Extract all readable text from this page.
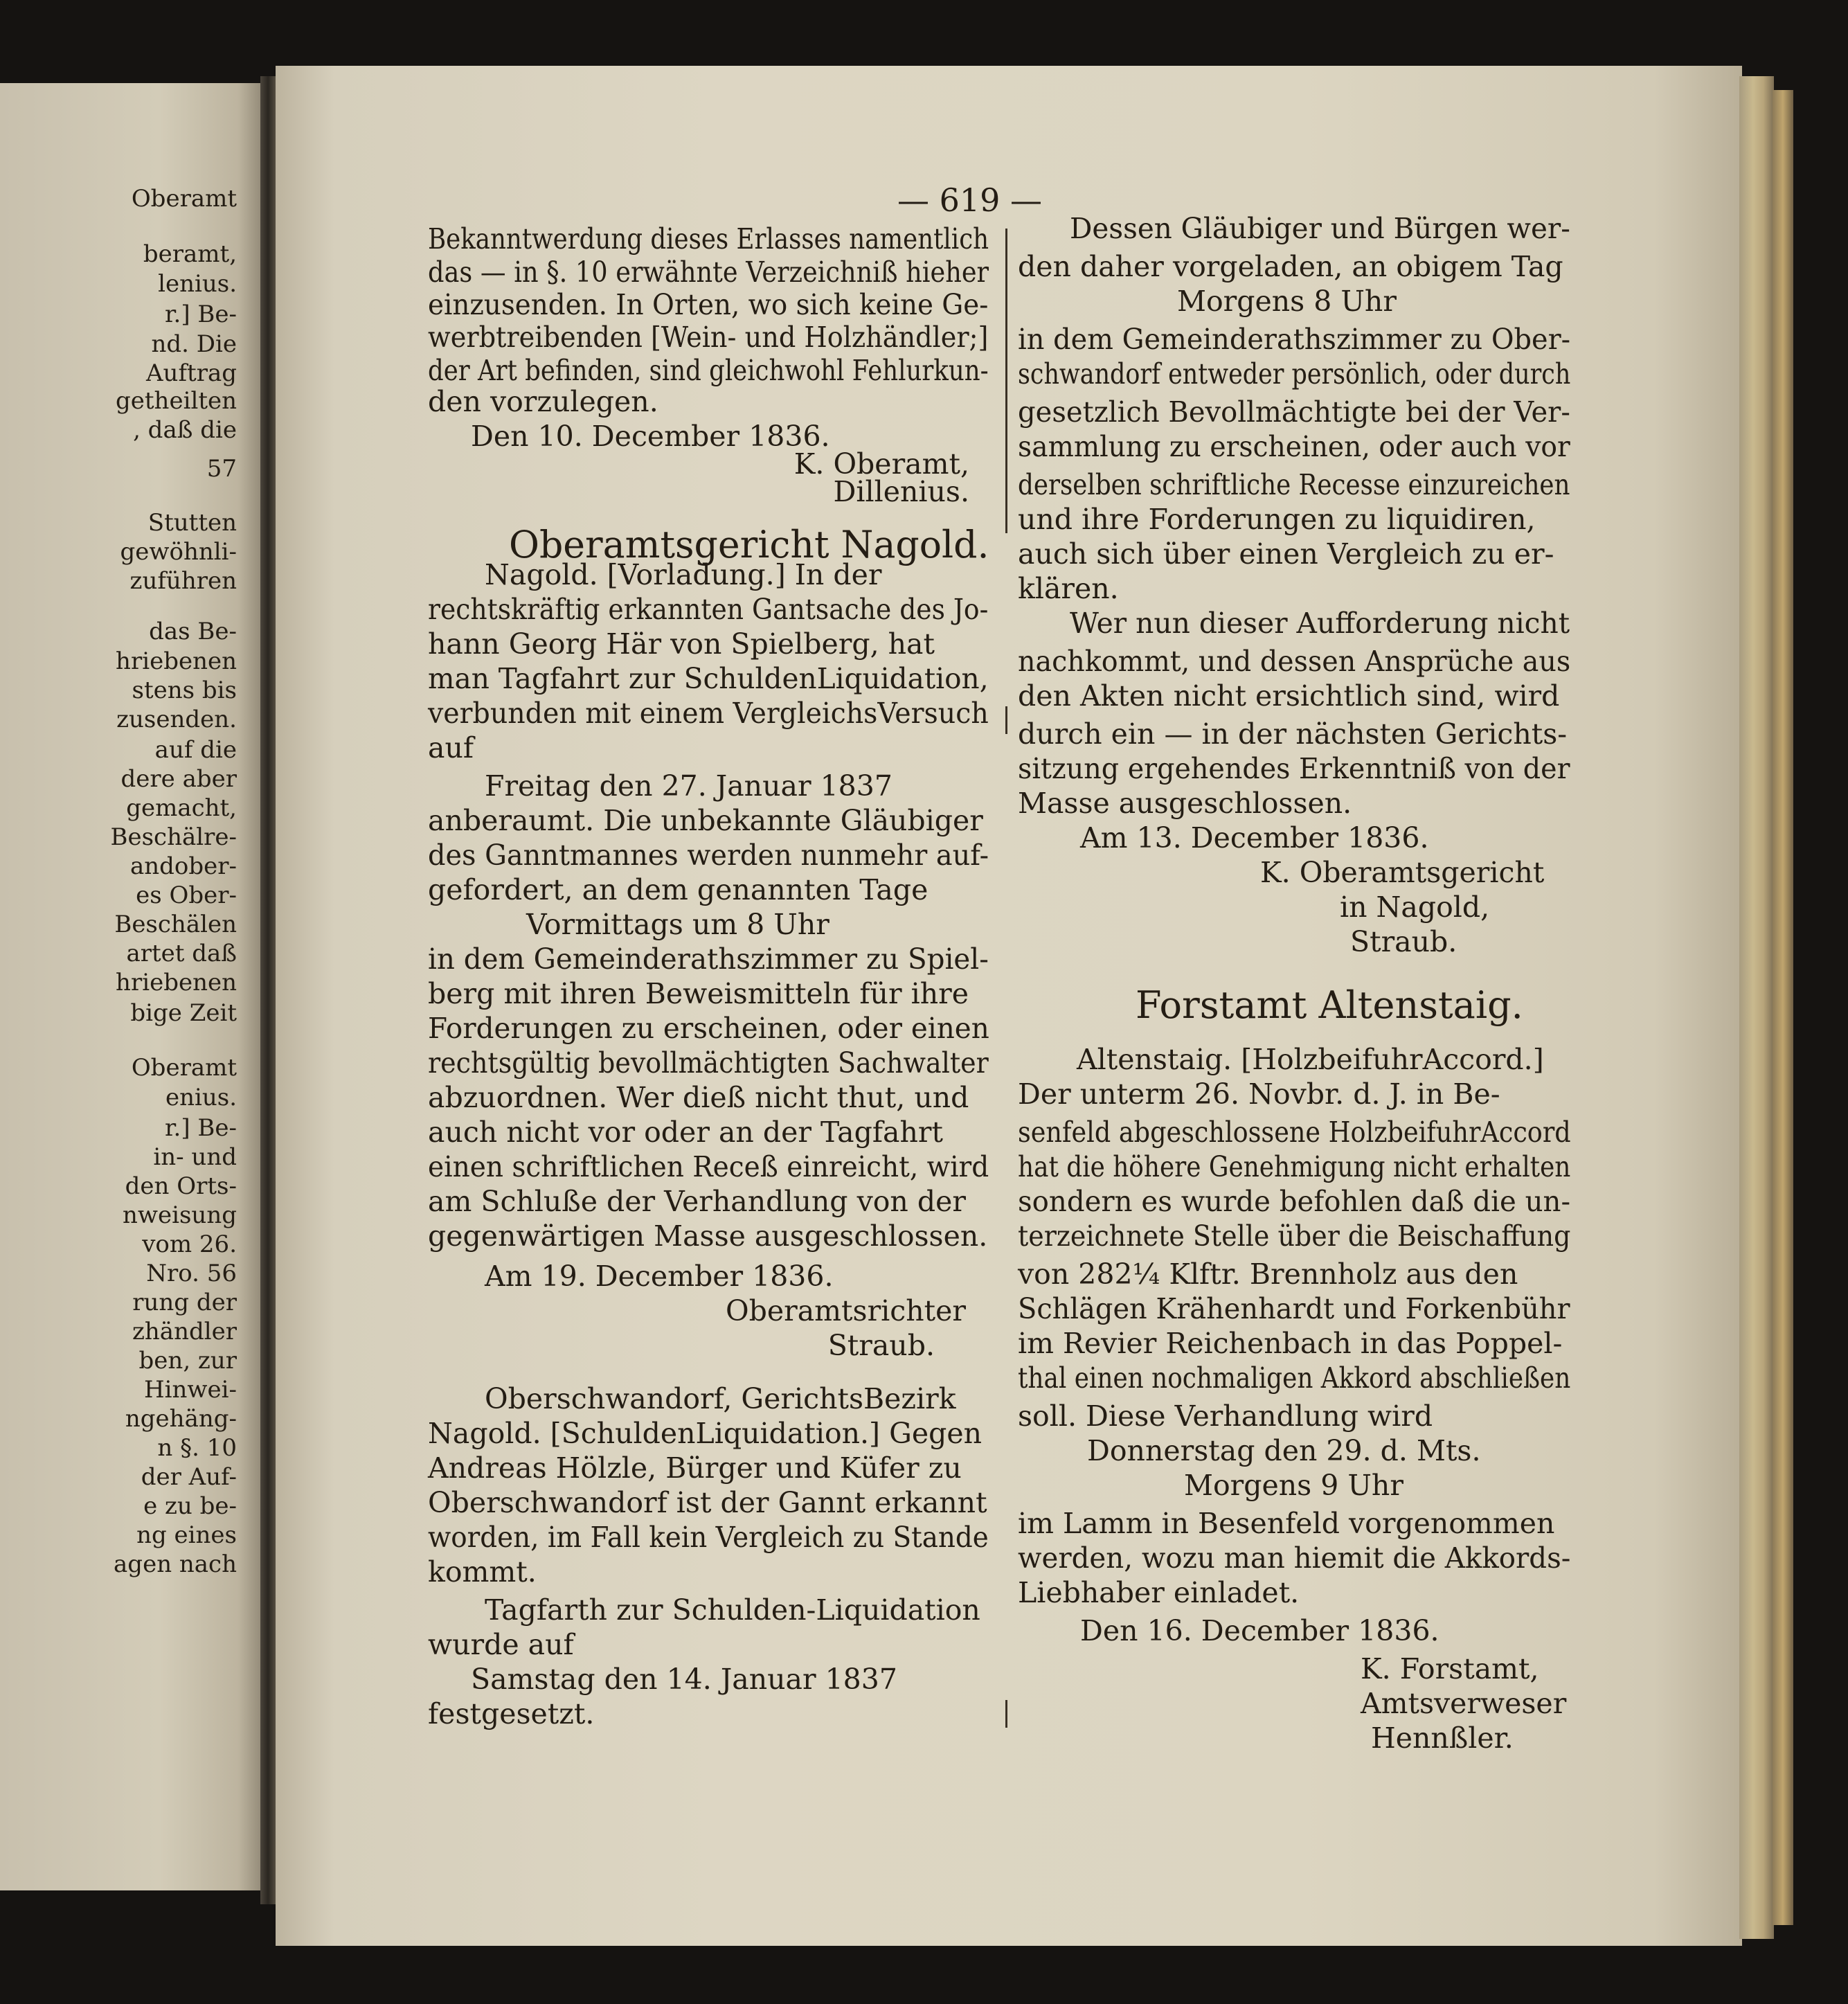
Oberamt
beramt,
lenius.
r.] Be-
nd. Die
Auftrag
getheilten
, daß die
57
Stutten
gewöhnli-
zuführen
das Be-
hriebenen
stens bis
zusenden.
auf die
dere aber
gemacht,
Beschälre-
andober-
es Ober-
Beschälen
artet daß
hriebenen
bige Zeit
Oberamt
enius.
r.] Be-
in- und
den Orts-
nweisung
vom 26.
Nro. 56
rung der
zhändler
ben, zur
Hinwei-
ngehäng-
n §. 10
der Auf-
e zu be-
ng eines
agen nach
— 619 —
Bekanntwerdung dieses Erlasses namentlich
das — in §. 10 erwähnte Verzeichniß hieher
einzusenden. In Orten, wo sich keine Ge-
werbtreibenden [Wein- und Holzhändler;]
der Art befinden, sind gleichwohl Fehlurkun-
den vorzulegen.
Den 10. December 1836.
K. Oberamt,
Dillenius.
Oberamtsgericht Nagold.
Nagold. [Vorladung.] In der
rechtskräftig erkannten Gantsache des Jo-
hann Georg Här von Spielberg, hat
man Tagfahrt zur SchuldenLiquidation,
verbunden mit einem VergleichsVersuch
auf
Freitag den 27. Januar 1837
anberaumt. Die unbekannte Gläubiger
des Ganntmannes werden nunmehr auf-
gefordert, an dem genannten Tage
Vormittags um 8 Uhr
in dem Gemeinderathszimmer zu Spiel-
berg mit ihren Beweismitteln für ihre
Forderungen zu erscheinen, oder einen
rechtsgültig bevollmächtigten Sachwalter
abzuordnen. Wer dieß nicht thut, und
auch nicht vor oder an der Tagfahrt
einen schriftlichen Receß einreicht, wird
am Schluße der Verhandlung von der
gegenwärtigen Masse ausgeschlossen.
Am 19. December 1836.
Oberamtsrichter
Straub.
Oberschwandorf, GerichtsBezirk
Nagold. [SchuldenLiquidation.] Gegen
Andreas Hölzle, Bürger und Küfer zu
Oberschwandorf ist der Gannt erkannt
worden, im Fall kein Vergleich zu Stande
kommt.
Tagfarth zur Schulden-Liquidation
wurde auf
Samstag den 14. Januar 1837
festgesetzt.
Dessen Gläubiger und Bürgen wer-
den daher vorgeladen, an obigem Tag
Morgens 8 Uhr
in dem Gemeinderathszimmer zu Ober-
schwandorf entweder persönlich, oder durch
gesetzlich Bevollmächtigte bei der Ver-
sammlung zu erscheinen, oder auch vor
derselben schriftliche Recesse einzureichen
und ihre Forderungen zu liquidiren,
auch sich über einen Vergleich zu er-
klären.
Wer nun dieser Aufforderung nicht
nachkommt, und dessen Ansprüche aus
den Akten nicht ersichtlich sind, wird
durch ein — in der nächsten Gerichts-
sitzung ergehendes Erkenntniß von der
Masse ausgeschlossen.
Am 13. December 1836.
K. Oberamtsgericht
in Nagold,
Straub.
Forstamt Altenstaig.
Altenstaig. [HolzbeifuhrAccord.]
Der unterm 26. Novbr. d. J. in Be-
senfeld abgeschlossene HolzbeifuhrAccord
hat die höhere Genehmigung nicht erhalten
sondern es wurde befohlen daß die un-
terzeichnete Stelle über die Beischaffung
von 282¼ Klftr. Brennholz aus den
Schlägen Krähenhardt und Forkenbühr
im Revier Reichenbach in das Poppel-
thal einen nochmaligen Akkord abschließen
soll. Diese Verhandlung wird
Donnerstag den 29. d. Mts.
Morgens 9 Uhr
im Lamm in Besenfeld vorgenommen
werden, wozu man hiemit die Akkords-
Liebhaber einladet.
Den 16. December 1836.
K. Forstamt,
Amtsverweser
Hennßler.
